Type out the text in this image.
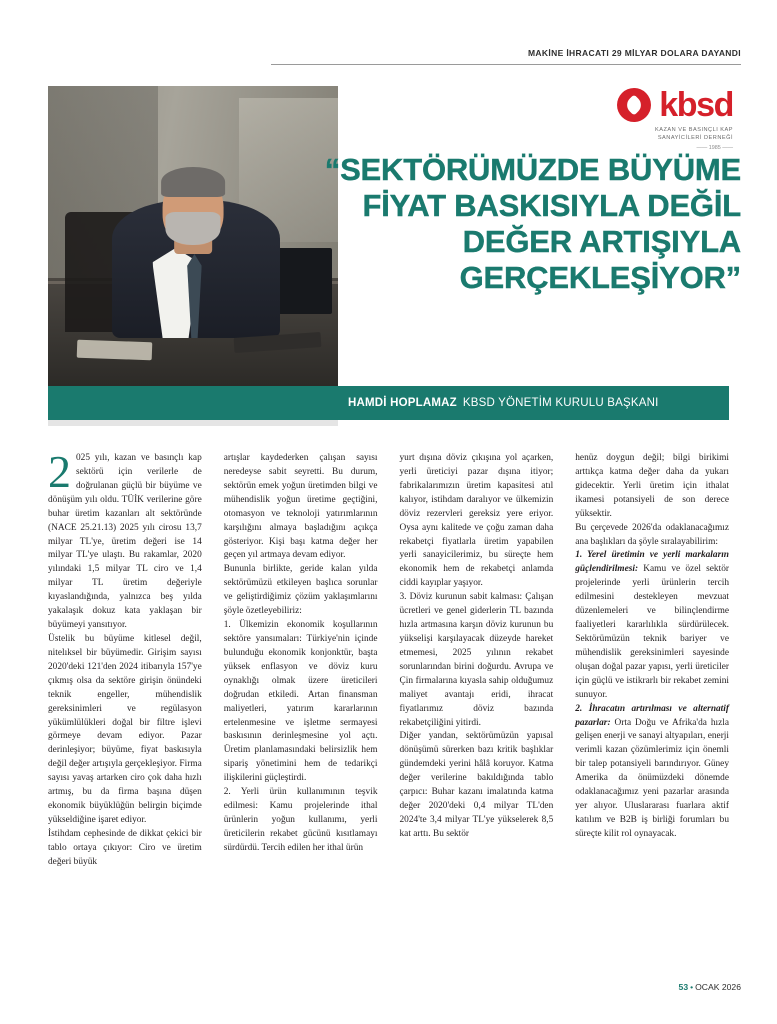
MAKİNE İHRACATI 29 MİLYAR DOLARA DAYANDI
kbsd
KAZAN VE BASINÇLI KAP
SANAYİCİLERİ DERNEĞİ
—— 1985 ——
“SEKTÖRÜMÜZDE BÜYÜME
FİYAT BASKISIYLA DEĞİL
DEĞER ARTIŞIYLA
GERÇEKLEŞİYOR”
HAMDİ HOPLAMAZ KBSD YÖNETİM KURULU BAŞKANI

2 025 yılı, kazan ve basınçlı kap sektörü için verilerle de doğrulanan güçlü bir büyüme ve dönüşüm yılı oldu. TÜİK verilerine göre buhar üretim kazanları alt sektöründe (NACE 25.21.13) 2025 yılı cirosu 13,7 milyar TL'ye, üretim değeri ise 14 milyar TL'ye ulaştı. Bu rakamlar, 2020 yılındaki 1,5 milyar TL ciro ve 1,4 milyar TL üretim değeriyle kıyaslandığında, yalnızca beş yılda yakalaşık dokuz kata yaklaşan bir büyümeyi yansıtıyor.

Üstelik bu büyüme kitlesel değil, nitelıksel bir büyümedir. Girişim sayısı 2020'deki 121'den 2024 itibarıyla 157'ye çıkmış olsa da sektöre girişin önündeki teknik engeller, mühendislik gereksinimleri ve regülasyon yükümlülükleri doğal bir filtre işlevi görmeye devam ediyor. Pazar derinleşiyor; büyüme, fiyat baskısıyla değil değer artışıyla gerçekleşiyor. Firma sayısı yavaş artarken ciro çok daha hızlı artmış, bu da firma başına düşen ekonomik büyüklüğün belirgin biçimde yükseldiğine işaret ediyor.

İstihdam cephesinde de dikkat çekici bir tablo ortaya çıkıyor: Ciro ve üretim değeri büyük

artışlar kaydederken çalışan sayısı neredeyse sabit seyretti. Bu durum, sektörün emek yoğun üretimden bilgi ve mühendislik yoğun üretime geçtiğini, otomasyon ve teknoloji yatırımlarının karşılığını almaya başladığını açıkça gösteriyor. Kişi başı katma değer her geçen yıl artmaya devam ediyor.

Bununla birlikte, geride kalan yılda sektörümüzü etkileyen başlıca sorunlar ve geliştirdiğimiz çözüm yaklaşımlarını şöyle özetleyebiliriz:

1. Ülkemizin ekonomik koşullarının sektöre yansımaları: Türkiye'nin içinde bulunduğu ekonomik konjonktür, başta yüksek enflasyon ve döviz kuru oynaklığı olmak üzere üreticileri doğrudan etkiledi. Artan finansman maliyetleri, yatırım kararlarının ertelenmesine ve işletme sermayesi baskısının derinleşmesine yol açtı. Üretim planlamasındaki belirsizlik hem sipariş yönetimini hem de tedarikçi ilişkilerini güçleştirdi.

2. Yerli ürün kullanımının teşvik edilmesi: Kamu projelerinde ithal ürünlerin yoğun kullanımı, yerli üreticilerin rekabet gücünü kısıtlamayı sürdürdü. Tercih edilen her ithal ürün

yurt dışına döviz çıkışına yol açarken, yerli üreticiyi pazar dışına itiyor; fabrikalarımızın üretim kapasitesi atıl kalıyor, istihdam daralıyor ve ülkemizin döviz rezervleri gereksiz yere eriyor. Oysa aynı kalitede ve çoğu zaman daha rekabetçi fiyatlarla üretim yapabilen yerli sanayicilerimiz, bu süreçte hem ekonomik hem de rekabetçi anlamda ciddi kayıplar yaşıyor.

3. Döviz kurunun sabit kalması: Çalışan ücretleri ve genel giderlerin TL bazında hızla artmasına karşın döviz kurunun bu yükselişi karşılayacak düzeyde hareket etmemesi, 2025 yılının rekabet sorunlarından birini doğurdu. Avrupa ve Çin firmalarına kıyasla sahip olduğumuz maliyet avantajı eridi, ihracat fiyatlarımız döviz bazında rekabetçiliğini yitirdi.

Diğer yandan, sektörümüzün yapısal dönüşümü sürerken bazı kritik başlıklar gündemdeki yerini hâlâ koruyor. Katma değer verilerine bakıldığında tablo çarpıcı: Buhar kazanı imalatında katma değer 2020'deki 0,4 milyar TL'den 2024'te 3,4 milyar TL'ye yükselerek 8,5 kat arttı. Bu sektör

henüz doygun değil; bilgi birikimi arttıkça katma değer daha da yukarı gidecektir. Yerli üretim için ithalat ikamesi potansiyeli de son derece yüksektir.

Bu çerçevede 2026'da odaklanacağımız ana başlıkları da şöyle sıralayabilirim:

1. Yerel üretimin ve yerli markaların güçlendirilmesi: Kamu ve özel sektör projelerinde yerli ürünlerin tercih edilmesini destekleyen mevzuat düzenlemeleri ve bilinçlendirme faaliyetleri kararlılıkla sürdürülecek. Sektörümüzün teknik bariyer ve mühendislik gereksinimleri sayesinde oluşan doğal pazar yapısı, yerli üreticiler için güçlü ve istikrarlı bir rekabet zemini sunuyor.

2. İhracatın artırılması ve alternatif pazarlar: Orta Doğu ve Afrika'da hızla gelişen enerji ve sanayi altyapıları, enerji verimli kazan çözümlerimiz için önemli bir talep potansiyeli barındırıyor. Güney Amerika da önümüzdeki dönemde odaklanacağımız yeni pazarlar arasında yer alıyor. Uluslararası fuarlara aktif katılım ve B2B iş birliği forumları bu süreçte kilit rol oynayacak.

53 • OCAK 2026
